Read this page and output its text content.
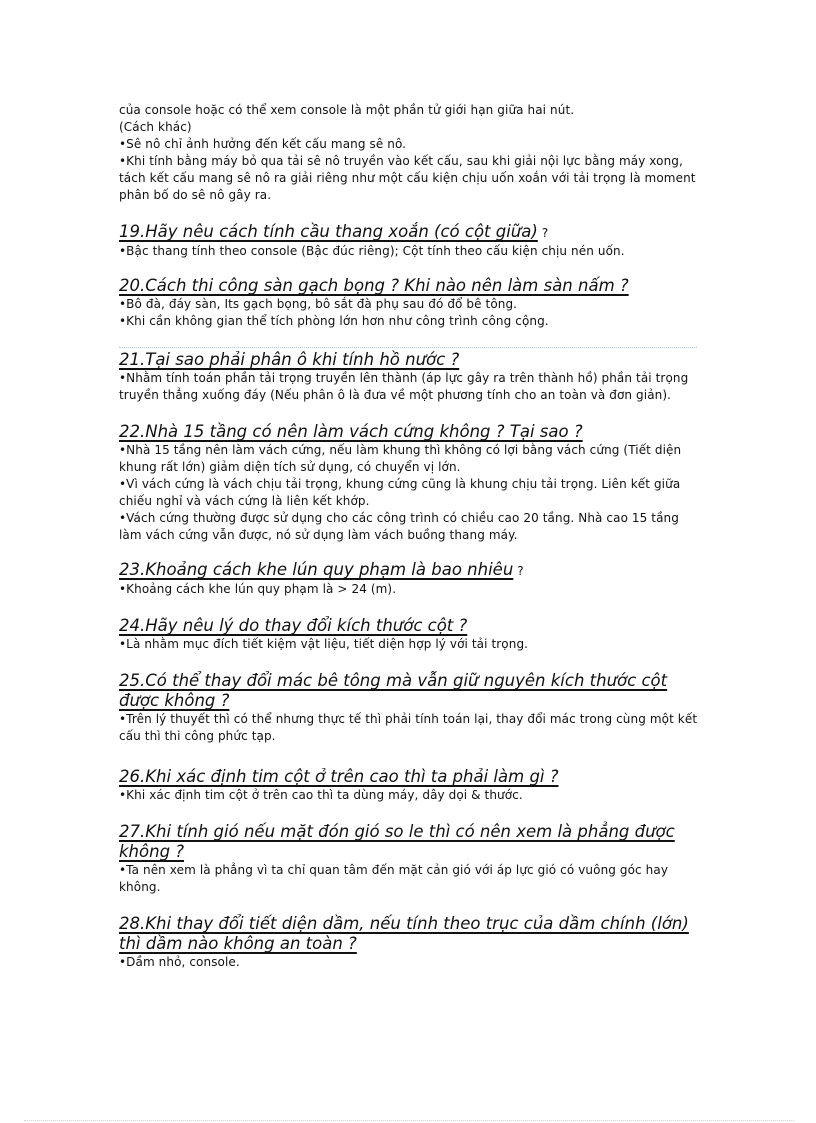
của console hoặc có thể xem console là một phần tử giới hạn giữa hai nút.

(Cách khác)

•Sê nô chỉ ảnh hưởng đến kết cấu mang sê nô.

•Khi tính bằng máy bỏ qua tải sê nô truyền vào kết cấu, sau khi giải nội lực bằng máy xong, tách kết cấu mang sê nô ra giải riêng như một cấu kiện chịu uốn xoắn với tải trọng là moment phân bố do sê nô gây ra.

19.Hãy nêu cách tính cầu thang xoắn (có cột giữa) ?

•Bậc thang tính theo console (Bậc đúc riêng); Cột tính theo cấu kiện chịu nén uốn.

20.Cách thi công sàn gạch bọng ? Khi nào nên làm sàn nấm ?

•Bô đà, đáy sàn, Its gạch bọng, bô sắt đà phụ sau đó đổ bê tông.

•Khi cần không gian thể tích phòng lớn hơn như công trình công cộng.

21.Tại sao phải phân ô khi tính hồ nước ?

•Nhằm tính toán phần tải trọng truyền lên thành (áp lực gây ra trên thành hồ) phần tải trọng truyền thẳng xuống đáy (Nếu phân ô là đưa về một phương tính cho an toàn và đơn giản).

22.Nhà 15 tầng có nên làm vách cứng không ? Tại sao ?

•Nhà 15 tầng nên làm vách cứng, nếu làm khung thì không có lợi bằng vách cứng (Tiết diện khung rất lớn) giảm diện tích sử dụng, có chuyển vị lớn.

•Vì vách cứng là vách chịu tải trọng, khung cứng cũng là khung chịu tải trọng. Liên kết giữa chiếu nghỉ và vách cứng là liên kết khớp.

•Vách cứng thường được sử dụng cho các công trình có chiều cao 20 tầng. Nhà cao 15 tầng làm vách cứng vẫn được, nó sử dụng làm vách buồng thang máy.

23.Khoảng cách khe lún quy phạm là bao nhiêu ?

•Khoảng cách khe lún quy phạm là > 24 (m).

24.Hãy nêu lý do thay đổi kích thước cột ?

•Là nhằm mục đích tiết kiệm vật liệu, tiết diện hợp lý với tải trọng.

25.Có thể thay đổi mác bê tông mà vẫn giữ nguyên kích thước cột được không ?

•Trên lý thuyết thì có thể nhưng thực tế thì phải tính toán lại, thay đổi mác trong cùng một kết cấu thì thi công phức tạp.

26.Khi xác định tim cột ở trên cao thì ta phải làm gì ?

•Khi xác định tim cột ở trên cao thì ta dùng máy, dây dọi & thước.

27.Khi tính gió nếu mặt đón gió so le thì có nên xem là phẳng được không ?

•Ta nên xem là phẳng vì ta chỉ quan tâm đến mặt cản gió với áp lực gió có vuông góc hay không.

28.Khi thay đổi tiết diện dầm, nếu tính theo trục của dầm chính (lớn) thì dầm nào không an toàn ?

•Dầm nhỏ, console.
